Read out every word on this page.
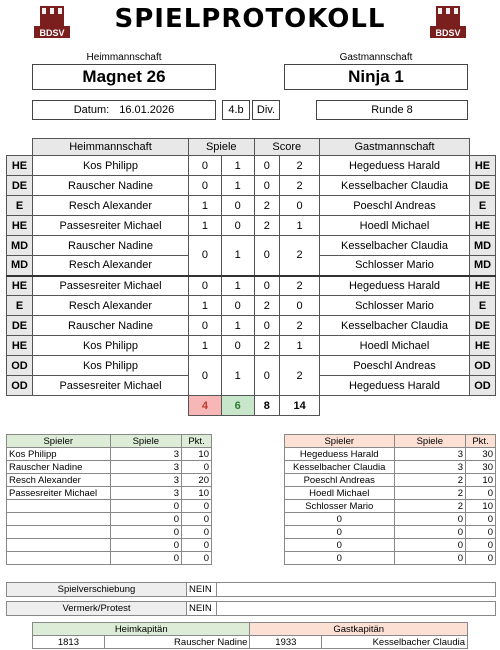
BDSV	BDSV
SPIELPROTOKOLL
Heimmannschaft	Gastmannschaft
Magnet 26	Ninja 1
Datum: 16.01.2026	4.b	Div.	Runde 8
	Heimmannschaft	Spiele		Score		Gastmannschaft	
HE	Kos Philipp	0	1	0	2	Hegeduess Harald	HE
DE	Rauscher Nadine	0	1	0	2	Kesselbacher Claudia	DE
E	Resch Alexander	1	0	2	0	Poeschl Andreas	E
HE	Passesreiter Michael	1	0	2	1	Hoedl Michael	HE
MD	Rauscher Nadine	0	1	0	2	Kesselbacher Claudia	MD
MD	Resch Alexander					Schlosser Mario	MD
HE	Passesreiter Michael	0	1	0	2	Hegeduess Harald	HE
E	Resch Alexander	1	0	2	0	Schlosser Mario	E
DE	Rauscher Nadine	0	1	0	2	Kesselbacher Claudia	DE
HE	Kos Philipp	1	0	2	1	Hoedl Michael	HE
OD	Kos Philipp	0	1	0	2	Poeschl Andreas	OD
OD	Passesreiter Michael					Hegeduess Harald	OD
		4	6	8	14		
Spieler	Spiele	Pkt.
Kos Philipp	3	10
Rauscher Nadine	3	0
Resch Alexander	3	20
Passesreiter Michael	3	10
	0	0
	0	0
	0	0
	0	0
	0	0
Spieler	Spiele	Pkt.
Hegeduess Harald	3	30
Kesselbacher Claudia	3	30
Poeschl Andreas	2	10
Hoedl Michael	2	0
Schlosser Mario	2	10
0	0	0
0	0	0
0	0	0
0	0	0
Spielverschiebung	NEIN	
Vermerk/Protest	NEIN	
Heimkapitän		Gastkapitän	
1813	Rauscher Nadine	1933	Kesselbacher Claudia
